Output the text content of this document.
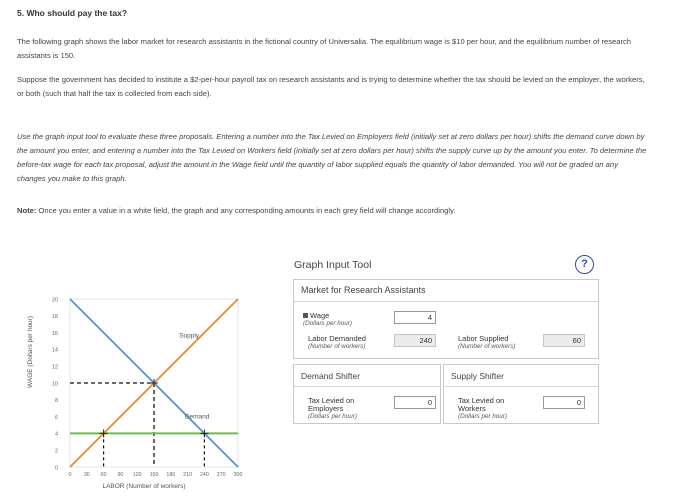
5. Who should pay the tax?

The following graph shows the labor market for research assistants in the fictional country of Universalia. The equilibrium wage is $10 per hour, and the equilibrium number of research assistants is 150.

Suppose the government has decided to institute a $2-per-hour payroll tax on research assistants and is trying to determine whether the tax should be levied on the employer, the workers, or both (such that half the tax is collected from each side).

Use the graph input tool to evaluate these three proposals. Entering a number into the Tax Levied on Employers field (initially set at zero dollars per hour) shifts the demand curve down by the amount you enter, and entering a number into the Tax Levied on Workers field (initially set at zero dollars per hour) shifts the supply curve up by the amount you enter. To determine the before-tax wage for each tax proposal, adjust the amount in the Wage field until the quantity of labor supplied equals the quantity of labor demanded. You will not be graded on any changes you make to this graph.

Note: Once you enter a value in a white field, the graph and any corresponding amounts in each grey field will change accordingly.

0
2
4
6
8
10
12
14
16
18
20
0 30 60 90 120 150 180 210 240 270 300
LABOR (Number of workers)
Supply
Demand
WAGE (Dollars per hour)
Graph Input Tool	?
Market for Research Assistants
Wage
(Dollars per hour)
4
Labor Demanded
(Number of workers)
240	Labor Supplied
(Number of workers)
60
Demand Shifter
Tax Levied on
Employers
(Dollars per hour)
0
Supply Shifter
Tax Levied on
Workers
(Dollars per hour)
0
